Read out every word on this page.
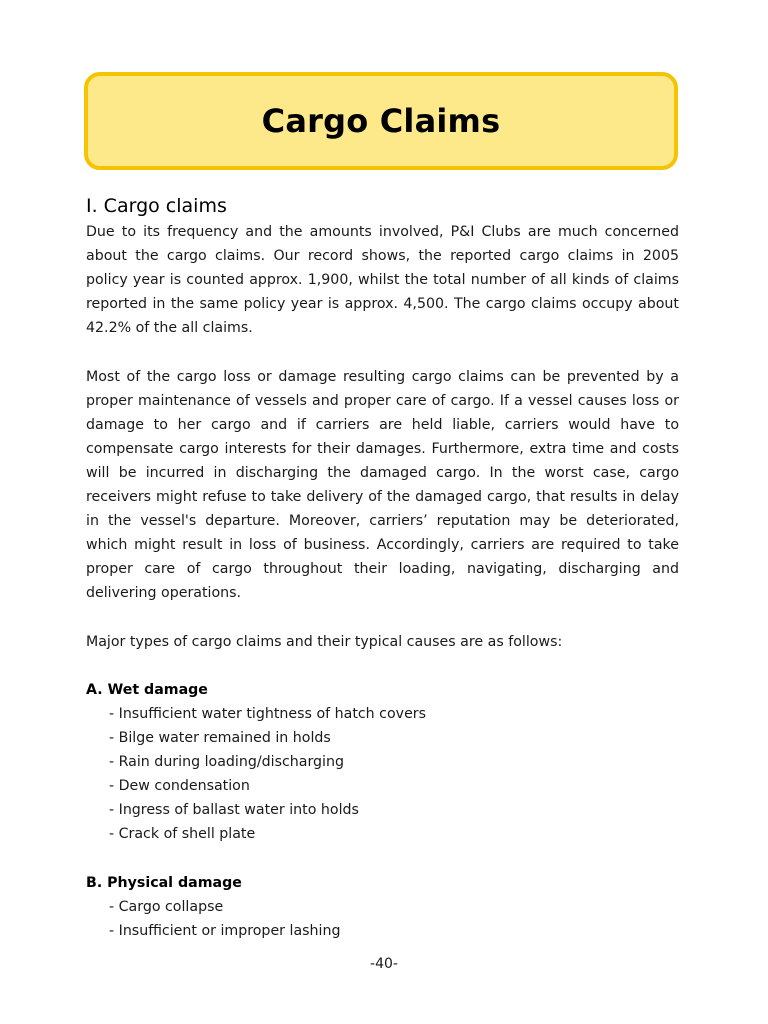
Cargo Claims
I. Cargo claims

Due to its frequency and the amounts involved, P&I Clubs are much concerned about the cargo claims. Our record shows, the reported cargo claims in 2005 policy year is counted approx. 1,900, whilst the total number of all kinds of claims reported in the same policy year is approx. 4,500. The cargo claims occupy about 42.2% of the all claims.

Most of the cargo loss or damage resulting cargo claims can be prevented by a proper maintenance of vessels and proper care of cargo. If a vessel causes loss or damage to her cargo and if carriers are held liable, carriers would have to compensate cargo interests for their damages. Furthermore, extra time and costs will be incurred in discharging the damaged cargo. In the worst case, cargo receivers might refuse to take delivery of the damaged cargo, that results in delay in the vessel's departure. Moreover, carriers’ reputation may be deteriorated, which might result in loss of business. Accordingly, carriers are required to take proper care of cargo throughout their loading, navigating, discharging and delivering operations.

Major types of cargo claims and their typical causes are as follows:

A. Wet damage
- Insufficient water tightness of hatch covers
- Bilge water remained in holds
- Rain during loading/discharging
- Dew condensation
- Ingress of ballast water into holds
- Crack of shell plate
B. Physical damage
- Cargo collapse
- Insufficient or improper lashing
-40-
